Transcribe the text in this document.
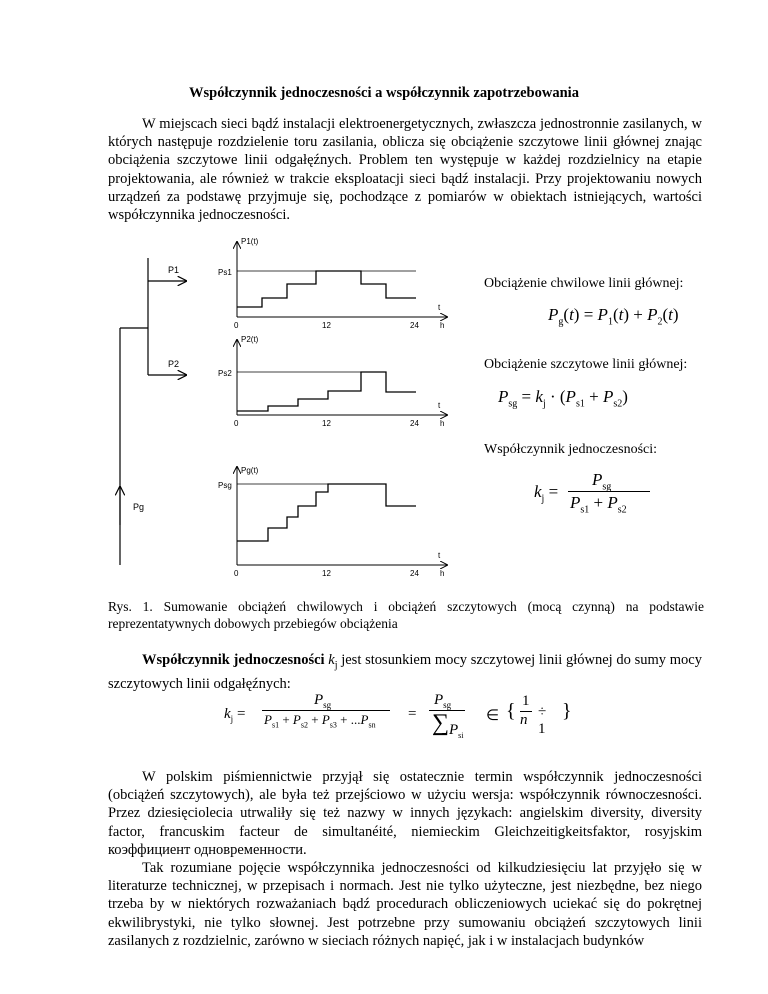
Współczynnik jednoczesności a współczynnik zapotrzebowania

W miejscach sieci bądź instalacji elektroenergetycznych, zwłaszcza jednostronnie zasilanych, w których następuje rozdzielenie toru zasilania, oblicza się obciążenie szczytowe linii głównej znając obciążenia szczytowe linii odgałęźnych. Problem ten występuje w każdej rozdzielnicy na etapie projektowania, ale również w trakcie eksploatacji sieci bądź instalacji. Przy projektowaniu nowych urządzeń za podstawę przyjmuje się, pochodzące z pomiarów w obiektach istniejących, wartości współczynnika jednoczesności.

P1
P2
Pg
P1(t)
Ps1
t
0	12	24	h
P2(t)
Ps2
t
0	12	24	h
Pg(t)
Psg
t
0	12	24	h
Obciążenie chwilowe linii głównej:
$P_g(t) = P_1(t) + P_2(t)$
Obciążenie szczytowe linii głównej:
$P_{sg} = k_j \cdot (P_{s1} + P_{s2})$
Współczynnik jednoczesności:
$k_j$ =
$P_{sg}$
$P_{s1} + P_{s2}$

Rys. 1. Sumowanie obciążeń chwilowych i obciążeń szczytowych (mocą czynną) na podstawie reprezentatywnych dobowych przebiegów obciążenia

Współczynnik jednoczesności $k_j$ jest stosunkiem mocy szczytowej linii głównej do sumy mocy szczytowych linii odgałęźnych:

$k_j$ =
$P_{sg}$
$P_{s1} + P_{s2} + P_{s3} + ...P_{sn}$
=
$P_{sg}$
∑ $P_{si}$
∈ { 1
n ÷ 1
}

W polskim piśmiennictwie przyjął się ostatecznie termin współczynnik jednoczesności (obciążeń szczytowych), ale była też przejściowo w użyciu wersja: współczynnik równoczesności. Przez dziesięciolecia utrwaliły się też nazwy w innych językach: angielskim diversity, diversity factor, francuskim facteur de simultanéité, niemieckim Gleichzeitigkeitsfaktor, rosyjskim коэффициент одновременности.

Tak rozumiane pojęcie współczynnika jednoczesności od kilkudziesięciu lat przyjęło się w literaturze technicznej, w przepisach i normach. Jest nie tylko użyteczne, jest niezbędne, bez niego trzeba by w niektórych rozważaniach bądź procedurach obliczeniowych uciekać się do pokrętnej ekwilibrystyki, nie tylko słownej. Jest potrzebne przy sumowaniu obciążeń szczytowych linii zasilanych z rozdzielnic, zarówno w sieciach różnych napięć, jak i w instalacjach budynków
